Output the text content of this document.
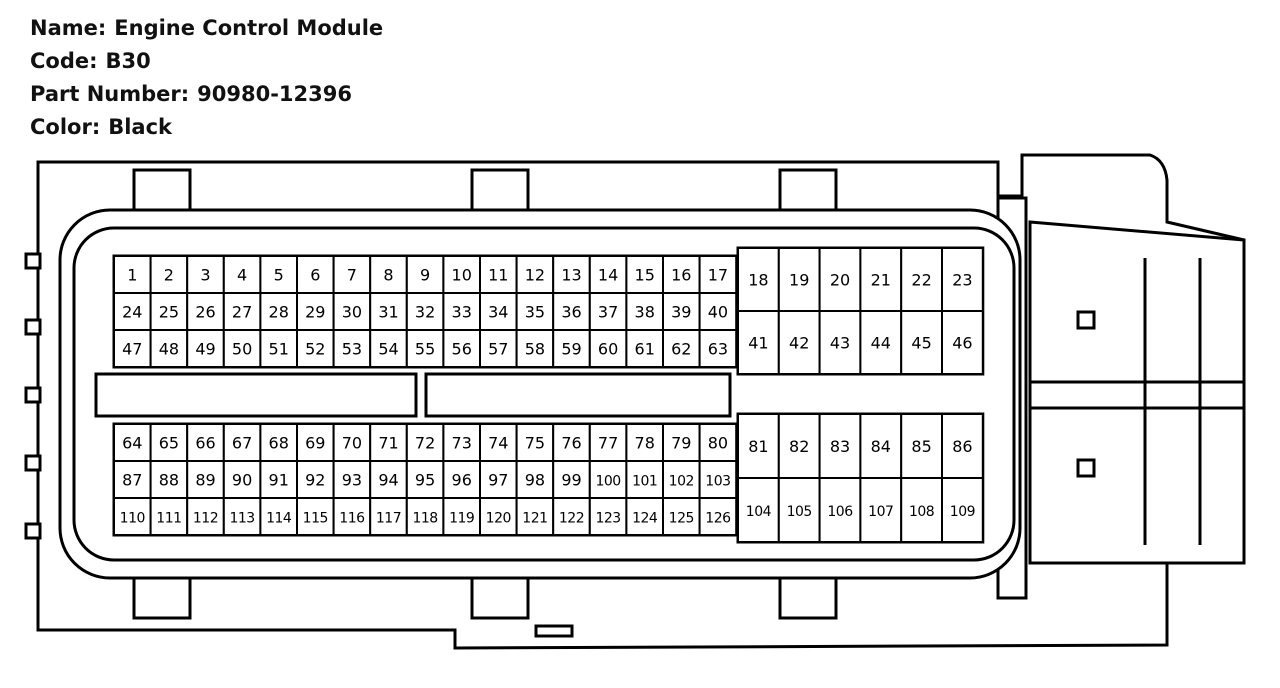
Name: Engine Control Module
Code: B30
Part Number: 90980-12396
Color: Black
1 2 3 4 5 6 7 8 9 10 11 12 13 14 15 16 17
24 25 26 27 28 29 30 31 32 33 34 35 36 37 38 39 40
47 48 49 50 51 52 53 54 55 56 57 58 59 60 61 62 63
18 19 20 21 22 23
41 42 43 44 45 46
64 65 66 67 68 69 70 71 72 73 74 75 76 77 78 79 80
87 88 89 90 91 92 93 94 95 96 97 98 99 100 101 102 103
110 111 112 113 114 115 116 117 118 119 120 121 122 123 124 125 126
81 82 83 84 85 86
104 105 106 107 108 109
